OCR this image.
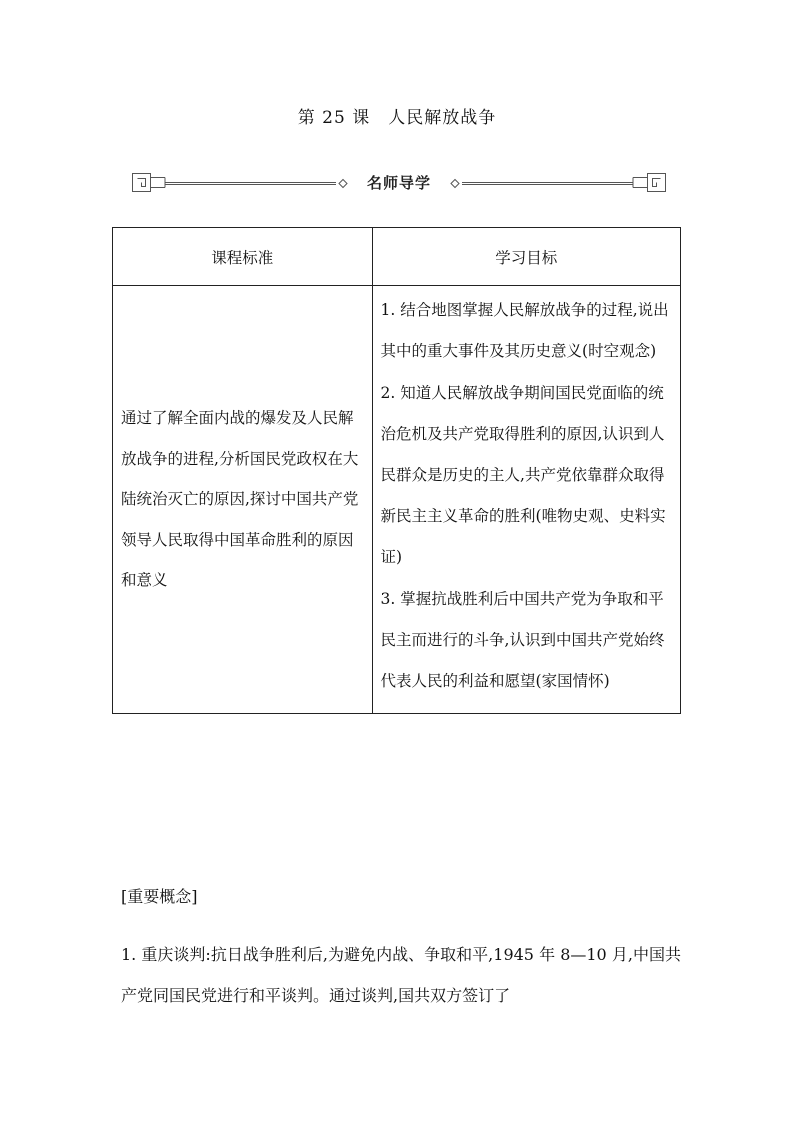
第 25 课　人民解放战争
名师导学
课程标准	学习目标
通过了解全面内战的爆发及人民解放战争的进程,分析国民党政权在大陆统治灭亡的原因,探讨中国共产党领导人民取得中国革命胜利的原因和意义	1. 结合地图掌握人民解放战争的过程,说出其中的重大事件及其历史意义(时空观念)
2. 知道人民解放战争期间国民党面临的统治危机及共产党取得胜利的原因,认识到人民群众是历史的主人,共产党依靠群众取得新民主主义革命的胜利(唯物史观、史料实证)
3. 掌握抗战胜利后中国共产党为争取和平民主而进行的斗争,认识到中国共产党始终代表人民的利益和愿望(家国情怀)
[重要概念]
1. 重庆谈判:抗日战争胜利后,为避免内战、争取和平,1945 年 8—10 月,中国共产党同国民党进行和平谈判。通过谈判,国共双方签订了
